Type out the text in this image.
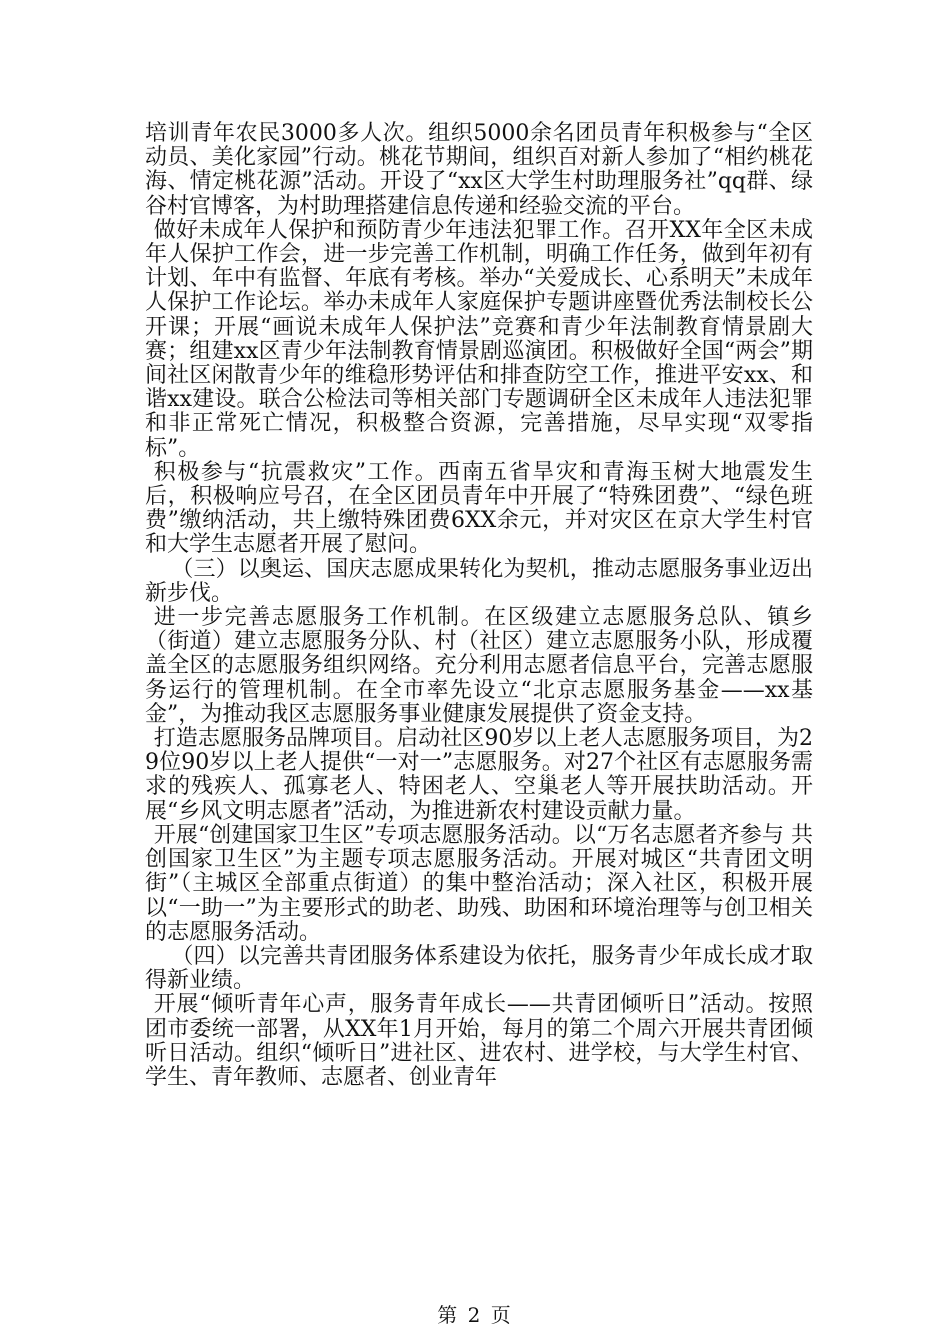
培训青年农民3000多人次。组织5000余名团员青年积极参与“全区动员、美化家园”行动。桃花节期间，组织百对新人参加了“相约桃花海、情定桃花源”活动。开设了“xx区大学生村助理服务社”qq群、绿谷村官博客，为村助理搭建信息传递和经验交流的平台。

做好未成年人保护和预防青少年违法犯罪工作。召开XX年全区未成年人保护工作会，进一步完善工作机制，明确工作任务，做到年初有计划、年中有监督、年底有考核。举办“关爱成长、心系明天”未成年人保护工作论坛。举办未成年人家庭保护专题讲座暨优秀法制校长公开课；开展“画说未成年人保护法”竞赛和青少年法制教育情景剧大赛；组建xx区青少年法制教育情景剧巡演团。积极做好全国“两会”期间社区闲散青少年的维稳形势评估和排查防空工作，推进平安xx、和谐xx建设。联合公检法司等相关部门专题调研全区未成年人违法犯罪和非正常死亡情况，积极整合资源，完善措施，尽早实现“双零指标”。

积极参与“抗震救灾”工作。西南五省旱灾和青海玉树大地震发生后，积极响应号召，在全区团员青年中开展了“特殊团费”、“绿色班费”缴纳活动，共上缴特殊团费6XX余元，并对灾区在京大学生村官和大学生志愿者开展了慰问。

（三）以奥运、国庆志愿成果转化为契机，推动志愿服务事业迈出新步伐。

进一步完善志愿服务工作机制。在区级建立志愿服务总队、镇乡（街道）建立志愿服务分队、村（社区）建立志愿服务小队，形成覆盖全区的志愿服务组织网络。充分利用志愿者信息平台，完善志愿服务运行的管理机制。在全市率先设立“北京志愿服务基金——xx基金”，为推动我区志愿服务事业健康发展提供了资金支持。

打造志愿服务品牌项目。启动社区90岁以上老人志愿服务项目，为29位90岁以上老人提供“一对一”志愿服务。对27个社区有志愿服务需求的残疾人、孤寡老人、特困老人、空巢老人等开展扶助活动。开展“乡风文明志愿者”活动，为推进新农村建设贡献力量。

开展“创建国家卫生区”专项志愿服务活动。以“万名志愿者齐参与 共创国家卫生区”为主题专项志愿服务活动。开展对城区“共青团文明街”（主城区全部重点街道）的集中整治活动；深入社区，积极开展以“一助一”为主要形式的助老、助残、助困和环境治理等与创卫相关的志愿服务活动。

（四）以完善共青团服务体系建设为依托，服务青少年成长成才取得新业绩。

开展“倾听青年心声，服务青年成长——共青团倾听日”活动。按照团市委统一部署，从XX年1月开始，每月的第二个周六开展共青团倾听日活动。组织“倾听日”进社区、进农村、进学校，与大学生村官、学生、青年教师、志愿者、创业青年

第 2 页
